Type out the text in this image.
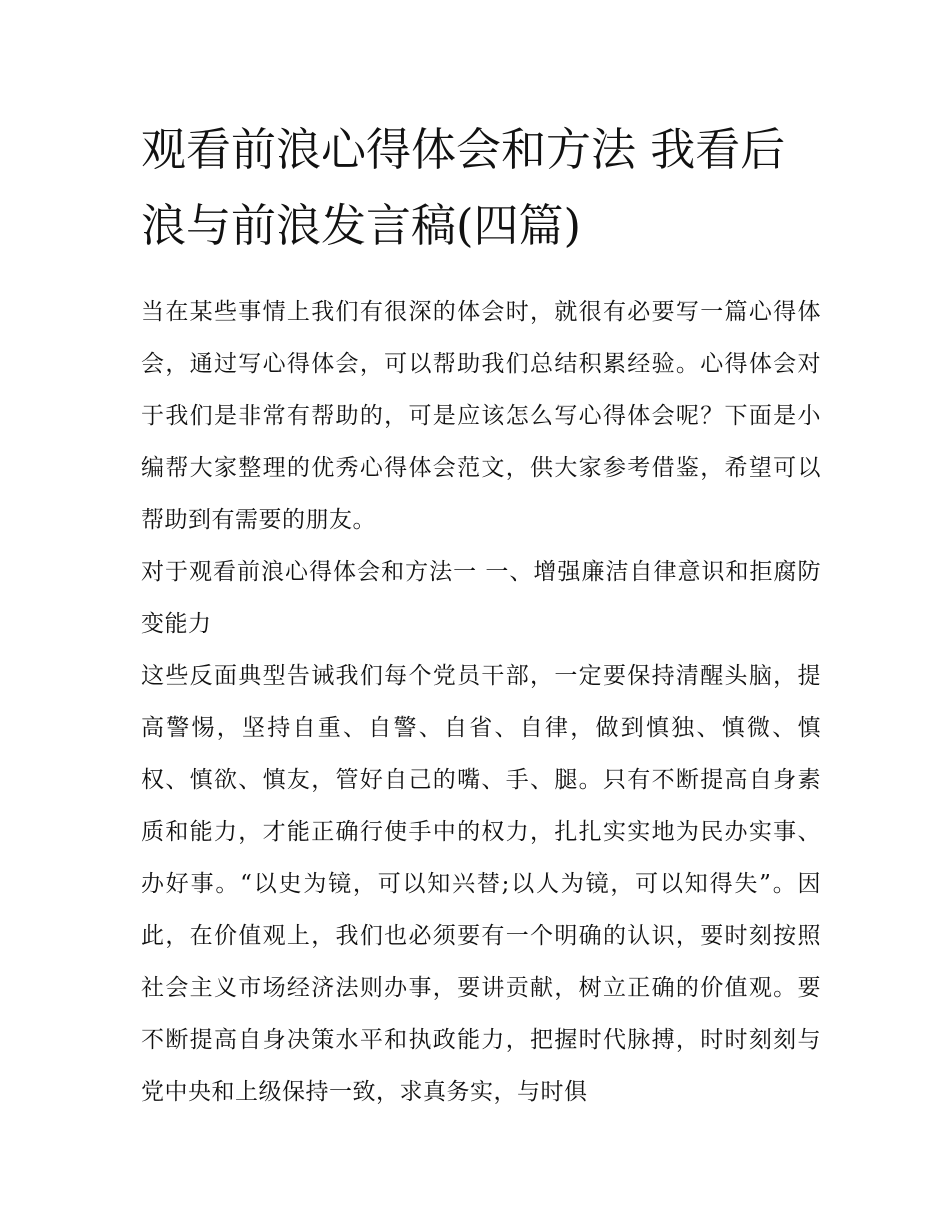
观看前浪心得体会和方法 我看后浪与前浪发言稿(四篇)

当在某些事情上我们有很深的体会时，就很有必要写一篇心得体会，通过写心得体会，可以帮助我们总结积累经验。心得体会对于我们是非常有帮助的，可是应该怎么写心得体会呢？下面是小编帮大家整理的优秀心得体会范文，供大家参考借鉴，希望可以帮助到有需要的朋友。

对于观看前浪心得体会和方法一 一、增强廉洁自律意识和拒腐防变能力

这些反面典型告诫我们每个党员干部，一定要保持清醒头脑，提高警惕，坚持自重、自警、自省、自律，做到慎独、慎微、慎权、慎欲、慎友，管好自己的嘴、手、腿。只有不断提高自身素质和能力，才能正确行使手中的权力，扎扎实实地为民办实事、办好事。“以史为镜，可以知兴替;以人为镜，可以知得失”。因此，在价值观上，我们也必须要有一个明确的认识，要时刻按照社会主义市场经济法则办事，要讲贡献，树立正确的价值观。要不断提高自身决策水平和执政能力，把握时代脉搏，时时刻刻与党中央和上级保持一致，求真务实，与时俱
